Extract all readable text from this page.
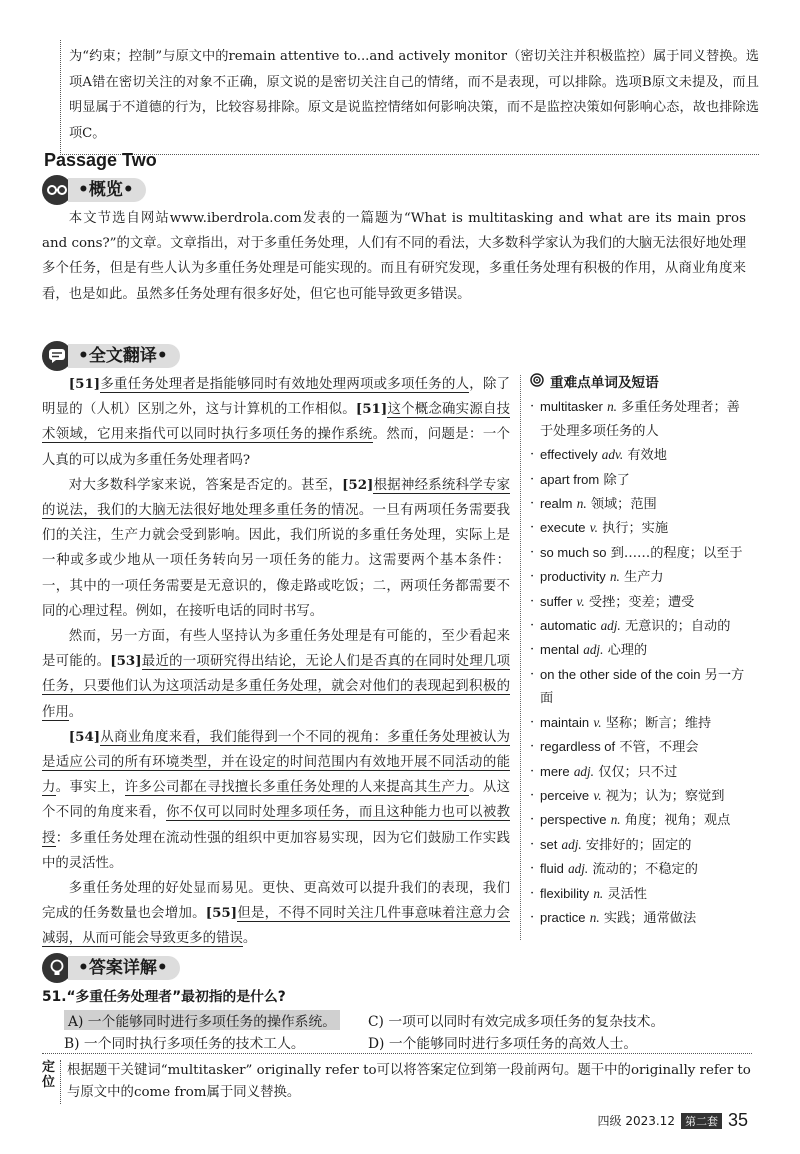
为“约束；控制”与原文中的remain attentive to...and actively monitor（密切关注并积极监控）属于同义替换。选项A错在密切关注的对象不正确，原文说的是密切关注自己的情绪，而不是表现，可以排除。选项B原文未提及，而且明显属于不道德的行为，比较容易排除。原文是说监控情绪如何影响决策，而不是监控决策如何影响心态，故也排除选项C。

Passage Two
•概览•

本文节选自网站www.iberdrola.com发表的一篇题为“What is multitasking and what are its main pros and cons?”的文章。文章指出，对于多重任务处理，人们有不同的看法，大多数科学家认为我们的大脑无法很好地处理多个任务，但是有些人认为多重任务处理是可能实现的。而且有研究发现，多重任务处理有积极的作用，从商业角度来看，也是如此。虽然多任务处理有很多好处，但它也可能导致更多错误。

•全文翻译•

[51]多重任务处理者是指能够同时有效地处理两项或多项任务的人，除了明显的（人机）区别之外，这与计算机的工作相似。[51]这个概念确实源自技术领域，它用来指代可以同时执行多项任务的操作系统。然而，问题是：一个人真的可以成为多重任务处理者吗?

对大多数科学家来说，答案是否定的。甚至，[52]根据神经系统科学专家的说法，我们的大脑无法很好地处理多重任务的情况。一旦有两项任务需要我们的关注，生产力就会受到影响。因此，我们所说的多重任务处理，实际上是一种或多或少地从一项任务转向另一项任务的能力。这需要两个基本条件：一，其中的一项任务需要是无意识的，像走路或吃饭；二，两项任务都需要不同的心理过程。例如，在接听电话的同时书写。

然而，另一方面，有些人坚持认为多重任务处理是有可能的，至少看起来是可能的。[53]最近的一项研究得出结论，无论人们是否真的在同时处理几项任务，只要他们认为这项活动是多重任务处理，就会对他们的表现起到积极的作用。

[54]从商业角度来看，我们能得到一个不同的视角：多重任务处理被认为是适应公司的所有环境类型，并在设定的时间范围内有效地开展不同活动的能力。事实上，许多公司都在寻找擅长多重任务处理的人来提高其生产力。从这个不同的角度来看，你不仅可以同时处理多项任务，而且这种能力也可以被教授：多重任务处理在流动性强的组织中更加容易实现，因为它们鼓励工作实践中的灵活性。

多重任务处理的好处显而易见。更快、更高效可以提升我们的表现，我们完成的任务数量也会增加。[55]但是，不得不同时关注几件事意味着注意力会减弱，从而可能会导致更多的错误。

重难点单词及短语
· multitasker n. 多重任务处理者；善于处理多项任务的人
· effectively adv. 有效地
· apart from 除了
· realm n. 领域；范围
· execute v. 执行；实施
· so much so 到……的程度；以至于
· productivity n. 生产力
· suffer v. 受挫；变差；遭受
· automatic adj. 无意识的；自动的
· mental adj. 心理的
· on the other side of the coin 另一方面
· maintain v. 坚称；断言；维持
· regardless of 不管，不理会
· mere adj. 仅仅；只不过
· perceive v. 视为；认为；察觉到
· perspective n. 角度；视角；观点
· set adj. 安排好的；固定的
· fluid adj. 流动的；不稳定的
· flexibility n. 灵活性
· practice n. 实践；通常做法
•答案详解•
51.“多重任务处理者”最初指的是什么?
A) 一个能够同时进行多项任务的操作系统。 C) 一项可以同时有效完成多项任务的复杂技术。
B) 一个同时执行多项任务的技术工人。	D) 一个能够同时进行多项任务的高效人士。
定位
根据题干关键词“multitasker” originally refer to可以将答案定位到第一段前两句。题干中的originally refer to与原文中的come from属于同义替换。
四级 2023.12 第二套 35
